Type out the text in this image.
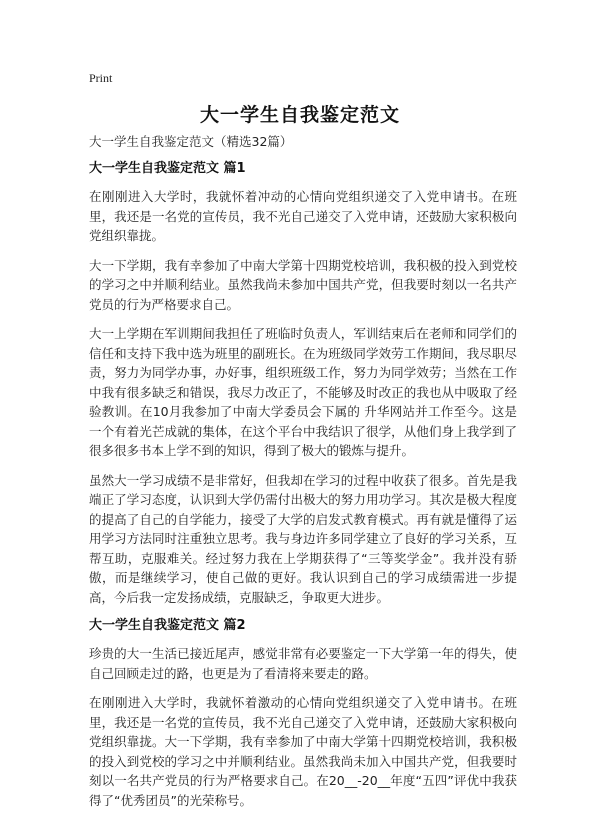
Print
大一学生自我鉴定范文

大一学生自我鉴定范文（精选32篇）

大一学生自我鉴定范文 篇1

在刚刚进入大学时，我就怀着冲动的心情向党组织递交了入党申请书。在班里，我还是一名党的宣传员，我不光自己递交了入党申请，还鼓励大家积极向党组织靠拢。

大一下学期，我有幸参加了中南大学第十四期党校培训，我积极的投入到党校的学习之中并顺利结业。虽然我尚未参加中国共产党，但我要时刻以一名共产党员的行为严格要求自己。

大一上学期在军训期间我担任了班临时负责人，军训结束后在老师和同学们的信任和支持下我中选为班里的副班长。在为班级同学效劳工作期间，我尽职尽责，努力为同学办事，办好事，组织班级工作，努力为同学效劳；当然在工作中我有很多缺乏和错误，我尽力改正了，不能够及时改正的我也从中吸取了经验教训。在10月我参加了中南大学委员会下属的 升华网站并工作至今。这是一个有着光芒成就的集体，在这个平台中我结识了很学，从他们身上我学到了很多很多书本上学不到的知识，得到了极大的锻炼与提升。

虽然大一学习成绩不是非常好，但我却在学习的过程中收获了很多。首先是我端正了学习态度，认识到大学仍需付出极大的努力用功学习。其次是极大程度的提高了自己的自学能力，接受了大学的启发式教育模式。再有就是懂得了运用学习方法同时注重独立思考。我与身边许多同学建立了良好的学习关系，互帮互助，克服难关。经过努力我在上学期获得了“三等奖学金”。我并没有骄傲，而是继续学习，使自己做的更好。我认识到自己的学习成绩需进一步提高，今后我一定发扬成绩，克服缺乏，争取更大进步。

大一学生自我鉴定范文 篇2

珍贵的大一生活已接近尾声，感觉非常有必要鉴定一下大学第一年的得失，使自己回顾走过的路，也更是为了看清将来要走的路。

在刚刚进入大学时，我就怀着激动的心情向党组织递交了入党申请书。在班里，我还是一名党的宣传员，我不光自己递交了入党申请，还鼓励大家积极向党组织靠拢。大一下学期，我有幸参加了中南大学第十四期党校培训，我积极的投入到党校的学习之中并顺利结业。虽然我尚未加入中国共产党，但我要时刻以一名共产党员的行为严格要求自己。在20__-20__年度“五四”评优中我获得了“优秀团员”的光荣称号。
